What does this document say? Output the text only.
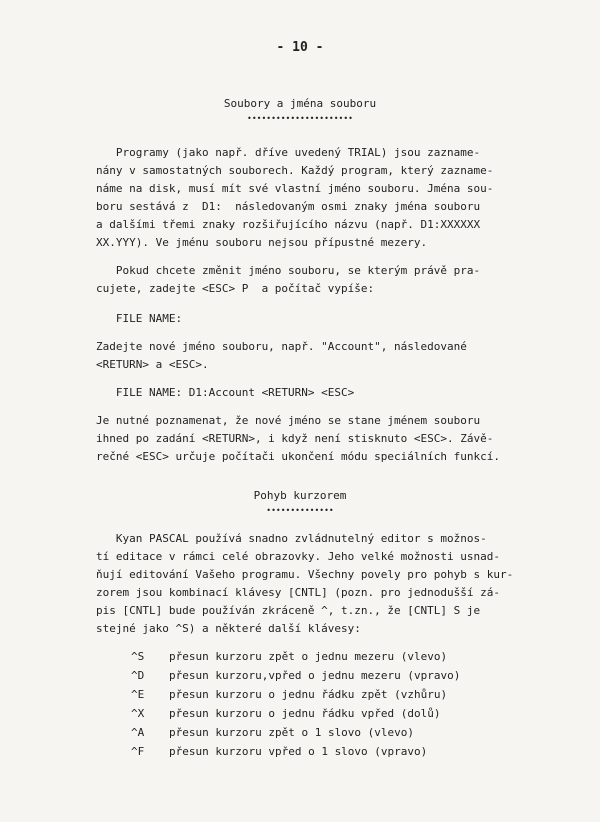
- 10 -
Soubory a jména souboru
••••••••••••••••••••••
Programy (jako např. dříve uvedený TRIAL) jsou zazname-
nány v samostatných souborech. Každý program, který zazname-
náme na disk, musí mít své vlastní jméno souboru. Jména sou-
boru sestává z  D1:  následovaným osmi znaky jména souboru
a dalšími třemi znaky rozšiřujícího názvu (např. D1:XXXXXX
XX.YYY). Ve jménu souboru nejsou přípustné mezery.
Pokud chcete změnit jméno souboru, se kterým právě pra-
cujete, zadejte <ESC> P  a počítač vypíše:
FILE NAME:
Zadejte nové jméno souboru, např. "Account", následované
<RETURN> a <ESC>.
FILE NAME: D1:Account <RETURN> <ESC>
Je nutné poznamenat, že nové jméno se stane jménem souboru
ihned po zadání <RETURN>, i když není stisknuto <ESC>. Závě-
rečné <ESC> určuje počítači ukončení módu speciálních funkcí.
Pohyb kurzorem
••••••••••••••
Kyan PASCAL používá snadno zvládnutelný editor s možnos-
tí editace v rámci celé obrazovky. Jeho velké možnosti usnad-
ňují editování Vašeho programu. Všechny povely pro pohyb s kur-
zorem jsou kombinací klávesy [CNTL] (pozn. pro jednodušší zá-
pis [CNTL] bude používán zkráceně ^, t.zn., že [CNTL] S je
stejné jako ^S) a některé další klávesy:
^S	přesun kurzoru zpět o jednu mezeru (vlevo)
^D	přesun kurzoru,vpřed o jednu mezeru (vpravo)
^E	přesun kurzoru o jednu řádku zpět (vzhůru)
^X	přesun kurzoru o jednu řádku vpřed (dolů)
^A	přesun kurzoru zpět o 1 slovo (vlevo)
^F	přesun kurzoru vpřed o 1 slovo (vpravo)
